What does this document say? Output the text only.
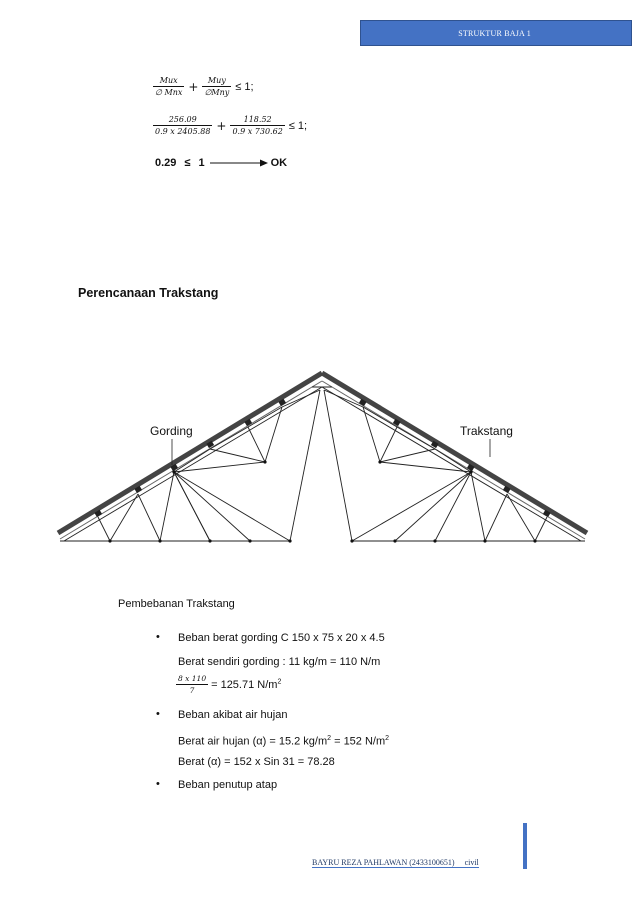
STRUKTUR BAJA 1
$\frac{\text{Mux}}{\text{∅ Mnx}} + \frac{\text{Muy}}{\text{∅Mny}} \le 1$;
$\frac{256.09}{0.9 x 2405.88} + \frac{118.52}{0.9 x 730.62} \le 1$;
0.29 ≤ 1	OK
Perencanaan Trakstang
Gording	Trakstang
Pembebanan Trakstang
• Beban berat gording C 150 x 75 x 20 x 4.5
Berat sendiri gording : 11 kg/m = 110 N/m
$\frac{8 x 110}{7} = 125.71$ $N/m^2$
• Beban akibat air hujan
Berat air hujan (α) = 15.2 $kg/m^2 = 152$ $N/m^2$
Berat (α) = 152 x Sin 31 = 78.28
• Beban penutup atap
BAYRU REZA PAHLAWAN (2433100651) civil
